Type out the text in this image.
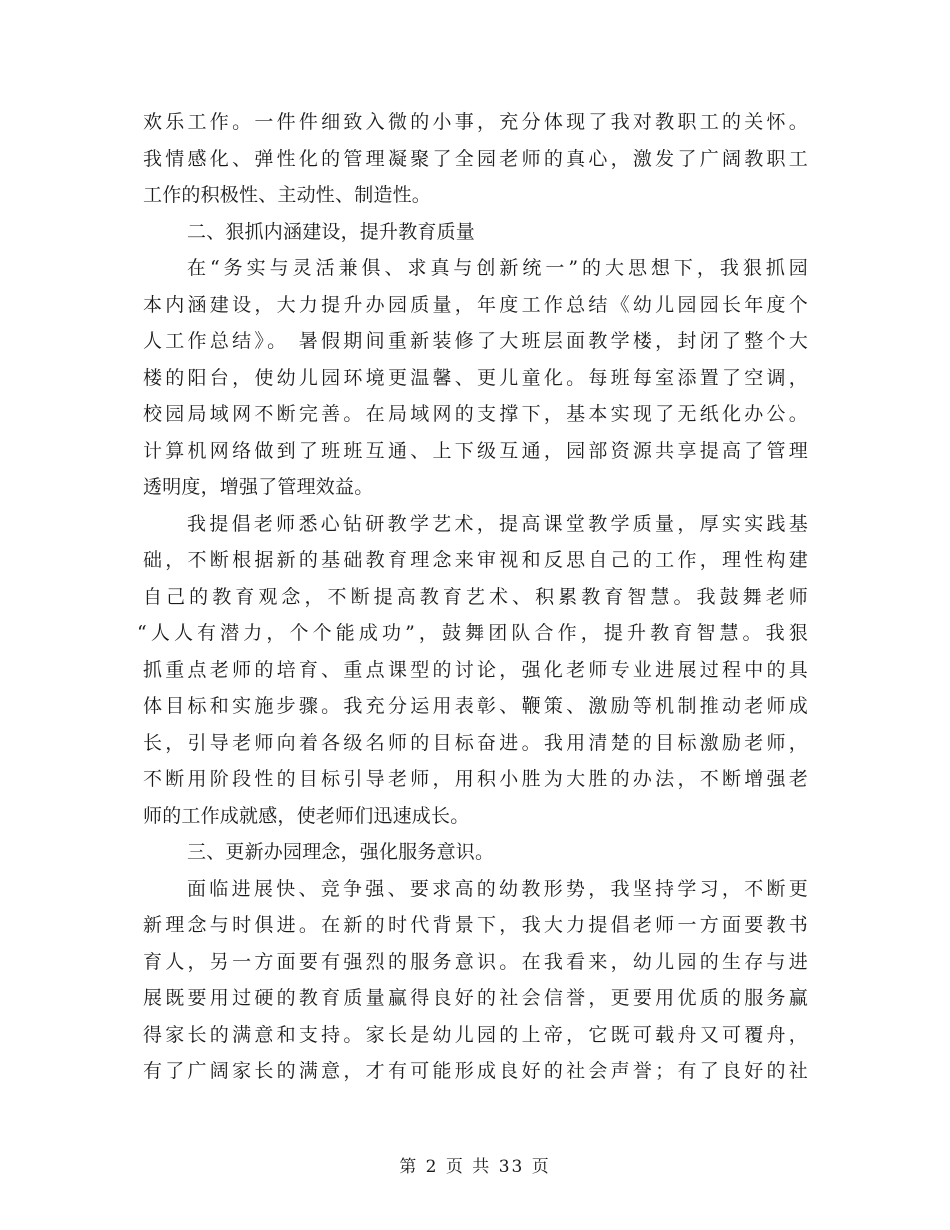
欢乐工作。一件件细致入微的小事，充分体现了我对教职工的关怀。
我情感化、弹性化的管理凝聚了全园老师的真心，激发了广阔教职工
工作的积极性、主动性、制造性。
二、狠抓内涵建设，提升教育质量
在“务实与灵活兼俱、求真与创新统一”的大思想下，我狠抓园
本内涵建设，大力提升办园质量，年度工作总结《幼儿园园长年度个
人工作总结》。 暑假期间重新装修了大班层面教学楼，封闭了整个大
楼的阳台，使幼儿园环境更温馨、更儿童化。每班每室添置了空调，
校园局域网不断完善。在局域网的支撑下，基本实现了无纸化办公。
计算机网络做到了班班互通、上下级互通，园部资源共享提高了管理
透明度，增强了管理效益。
我提倡老师悉心钻研教学艺术，提高课堂教学质量，厚实实践基
础，不断根据新的基础教育理念来审视和反思自己的工作，理性构建
自己的教育观念，不断提高教育艺术、积累教育智慧。我鼓舞老师
“人人有潜力，个个能成功”，鼓舞团队合作，提升教育智慧。我狠
抓重点老师的培育、重点课型的讨论，强化老师专业进展过程中的具
体目标和实施步骤。我充分运用表彰、鞭策、激励等机制推动老师成
长，引导老师向着各级名师的目标奋进。我用清楚的目标激励老师，
不断用阶段性的目标引导老师，用积小胜为大胜的办法，不断增强老
师的工作成就感，使老师们迅速成长。
三、更新办园理念，强化服务意识。
面临进展快、竞争强、要求高的幼教形势，我坚持学习，不断更
新理念与时俱进。在新的时代背景下，我大力提倡老师一方面要教书
育人，另一方面要有强烈的服务意识。在我看来，幼儿园的生存与进
展既要用过硬的教育质量赢得良好的社会信誉，更要用优质的服务赢
得家长的满意和支持。家长是幼儿园的上帝，它既可载舟又可覆舟，
有了广阔家长的满意，才有可能形成良好的社会声誉；有了良好的社
第 2 页 共 33 页
